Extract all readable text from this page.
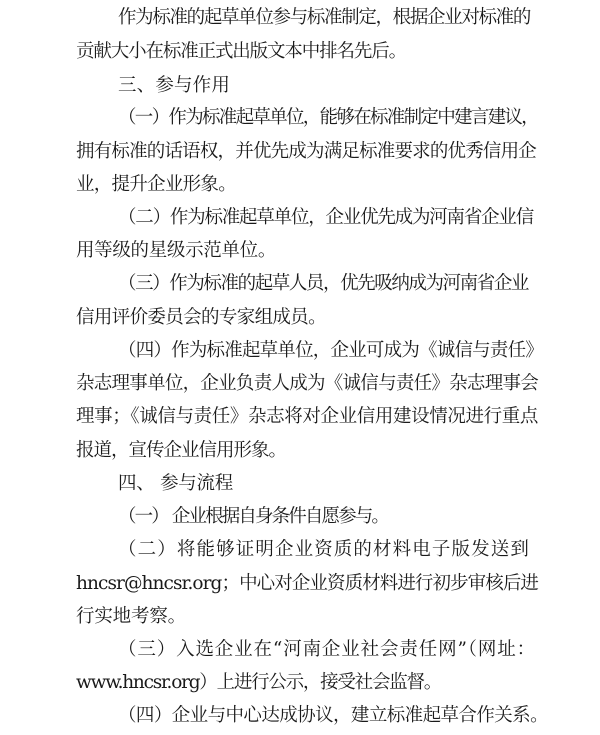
作为标准的起草单位参与标准制定，根据企业对标准的
贡献大小在标准正式出版文本中排名先后。
三、参与作用
（一）作为标准起草单位，能够在标准制定中建言建议，
拥有标准的话语权，并优先成为满足标准要求的优秀信用企
业，提升企业形象。
（二）作为标准起草单位，企业优先成为河南省企业信
用等级的星级示范单位。
（三）作为标准的起草人员，优先吸纳成为河南省企业
信用评价委员会的专家组成员。
（四）作为标准起草单位，企业可成为《诚信与责任》
杂志理事单位，企业负责人成为《诚信与责任》杂志理事会
理事；《诚信与责任》杂志将对企业信用建设情况进行重点
报道，宣传企业信用形象。
四、 参与流程
（一） 企业根据自身条件自愿参与。
（二）将能够证明企业资质的材料电子版发送到
hncsr@hncsr.org；中心对企业资质材料进行初步审核后进
行实地考察。
（三）入选企业在“河南企业社会责任网”（网址：
www.hncsr.org）上进行公示，接受社会监督。
（四）企业与中心达成协议，建立标准起草合作关系。
